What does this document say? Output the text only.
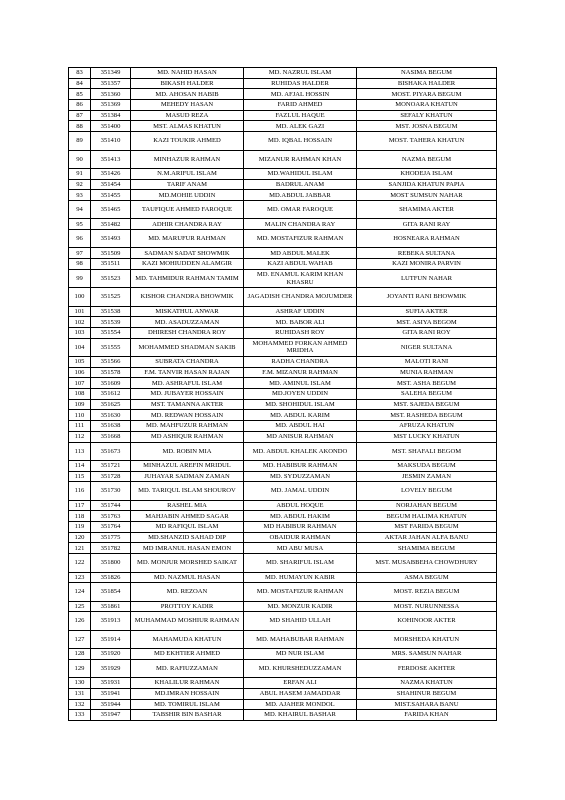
83	351349	MD. NAHID HASAN	MD. NAZRUL ISLAM	NASIMA BEGUM
84	351357	BIKASH HALDER	RUHIDAS HALDER	BISHAKA HALDER
85	351360	MD. AHOSAN HABIB	MD. AFJAL HOSSIN	MOST. PIYARA BEGUM
86	351369	MEHEDY HASAN	FARID AHMED	MONOARA KHATUN
87	351384	MASUD REZA	FAZLUL HAQUE	SEFALY KHATUN
88	351400	MST. ALMAS KHATUN	MD. ALEK GAZI	MST. JOSNA BEGUM
89	351410	KAZI TOUKIR AHMED	MD. IQBAL HOSSAIN	MOST. TAHERA KHATUN
90	351413	MINHAZUR RAHMAN	MIZANUR RAHMAN KHAN	NAZMA BEGUM
91	351426	N.M.ARIFUL ISLAM	MD.WAHIDUL ISLAM	KHODEJA ISLAM
92	351454	TARIF ANAM	BADRUL ANAM	SANJIDA KHATUN PAPIA
93	351455	MD.MOHIE UDDIN	MD.ABDUL JABBAR	MOST SUMSUN NAHAR
94	351465	TAUFIQUE AHMED FAROQUE	MD. OMAR FAROQUE	SHAMIMA AKTER
95	351482	ADHIR CHANDRA RAY	MALIN CHANDRA RAY	GITA RANI RAY
96	351493	MD. MARUFUR RAHMAN	MD. MOSTAFIZUR RAHMAN	HOSNEARA RAHMAN
97	351509	SADMAN SADAT SHOWMIK	MD ABDUL MALEK	REBEKA SULTANA
98	351511	KAZI MOHIUDDEN ALAMGIR	KAZI ABDUL WAHAB	KAZI MONIRA PARVIN
99	351523	MD. TAHMIDUR RAHMAN TAMIM	MD. ENAMUL KARIM KHAN KHASRU	LUTFUN NAHAR
100	351525	KISHOR CHANDRA BHOWMIK	JAGADISH CHANDRA MOJUMDER	JOYANTI RANI BHOWMIK
101	351538	MISKATHUL ANWAR	ASHRAF UDDIN	SUFIA AKTER
102	351539	MD. ASADUZZAMAN	MD. BABOR ALI	MST. ASIYA BEGOM
103	351554	DHIRESH CHANDRA ROY	RUHIDASH ROY	GITA RANI ROY
104	351555	MOHAMMED SHADMAN SAKIB	MOHAMMED FORKAN AHMED MRIDHA	NIGER SULTANA
105	351566	SUBRATA CHANDRA	RADHA CHANDRA	MALOTI RANI
106	351578	F.M. TANVIR HASAN RAJAN	F.M. MIZANUR RAHMAN	MUNIA RAHMAN
107	351609	MD. ASHRAFUL ISLAM	MD. AMINUL ISLAM	MST. ASHA BEGUM
108	351612	MD. JUBAYER HOSSAIN	MD.JOYEN UDDIN	SALEHA BEGUM
109	351625	MST. TAMANNA AKTER	MD. SHOHIDUL ISLAM	MST. SAJEDA BEGUM
110	351630	MD. REDWAN HOSSAIN	MD. ABDUL KARIM	MST. RASHEDA BEGUM
111	351638	MD. MAHFUZUR RAHMAN	MD. ABDUL HAI	AFRUZA KHATUN
112	351668	MD ASHIQUR RAHMAN	MD ANISUR RAHMAN	MST LUCKY KHATUN
113	351673	MD. ROBIN MIA	MD. ABDUL KHALEK AKONDO	MST. SHAFALI BEGOM
114	351721	MINHAZUL AREFIN MRIDUL	MD. HABIBUR RAHMAN	MAKSUDA BEGUM
115	351728	JUHAYAR SADMAN ZAMAN	MD. SYDUZZAMAN	JESMIN ZAMAN
116	351730	MD. TARIQUL ISLAM SHOUROV	MD. JAMAL UDDIN	LOVELY BEGUM
117	351744	RASHEL MIA	ABDUL HOQUE	NORJAHAN BEGUM
118	351763	MAHJABIN AHMED SAGAR	MD. ABDUL HAKIM	BEGUM HALIMA KHATUN
119	351764	MD RAFIQUL ISLAM	MD HABIBUR RAHMAN	MST FARIDA BEGUM
120	351775	MD.SHANZID SAHAD DIP	OBAIDUR RAHMAN	AKTAR JAHAN ALFA BANU
121	351782	MD IMRANUL HASAN EMON	MD ABU MUSA	SHAMIMA BEGUM
122	351800	MD. MONJUR MORSHED SAIKAT	MD. SHARIFUL ISLAM	MST. MUSABBEHA CHOWDHURY
123	351826	MD. NAZMUL HASAN	MD. HUMAYUN KABIR	ASMA BEGUM
124	351854	MD. REZOAN	MD. MOSTAFIZUR RAHMAN	MOST. REZIA BEGUM
125	351861	PROTTOY KADIR	MD. MONZUR KADIR	MOST. NURUNNESSA
126	351913	MUHAMMAD MOSHIUR RAHMAN	MD SHAHID ULLAH	KOHINOOR AKTER
127	351914	MAHAMUDA KHATUN	MD. MAHABUBAR RAHMAN	MORSHEDA KHATUN
128	351920	MD EKHTIER AHMED	MD NUR ISLAM	MRS. SAMSUN NAHAR
129	351929	MD. RAFIUZZAMAN	MD. KHURSHEDUZZAMAN	FERDOSE AKHTER
130	351931	KHALILUR RAHMAN	ERFAN ALI	NAZMA KHATUN
131	351941	MD.IMRAN HOSSAIN	ABUL HASEM JAMADDAR	SHAHINUR BEGUM
132	351944	MD. TOMIRUL ISLAM	MD. AJAHER MONDOL	MIST.SAHARA BANU
133	351947	TABSHIR BIN BASHAR	MD. KHAIRUL BASHAR	FARIDA KHAN
